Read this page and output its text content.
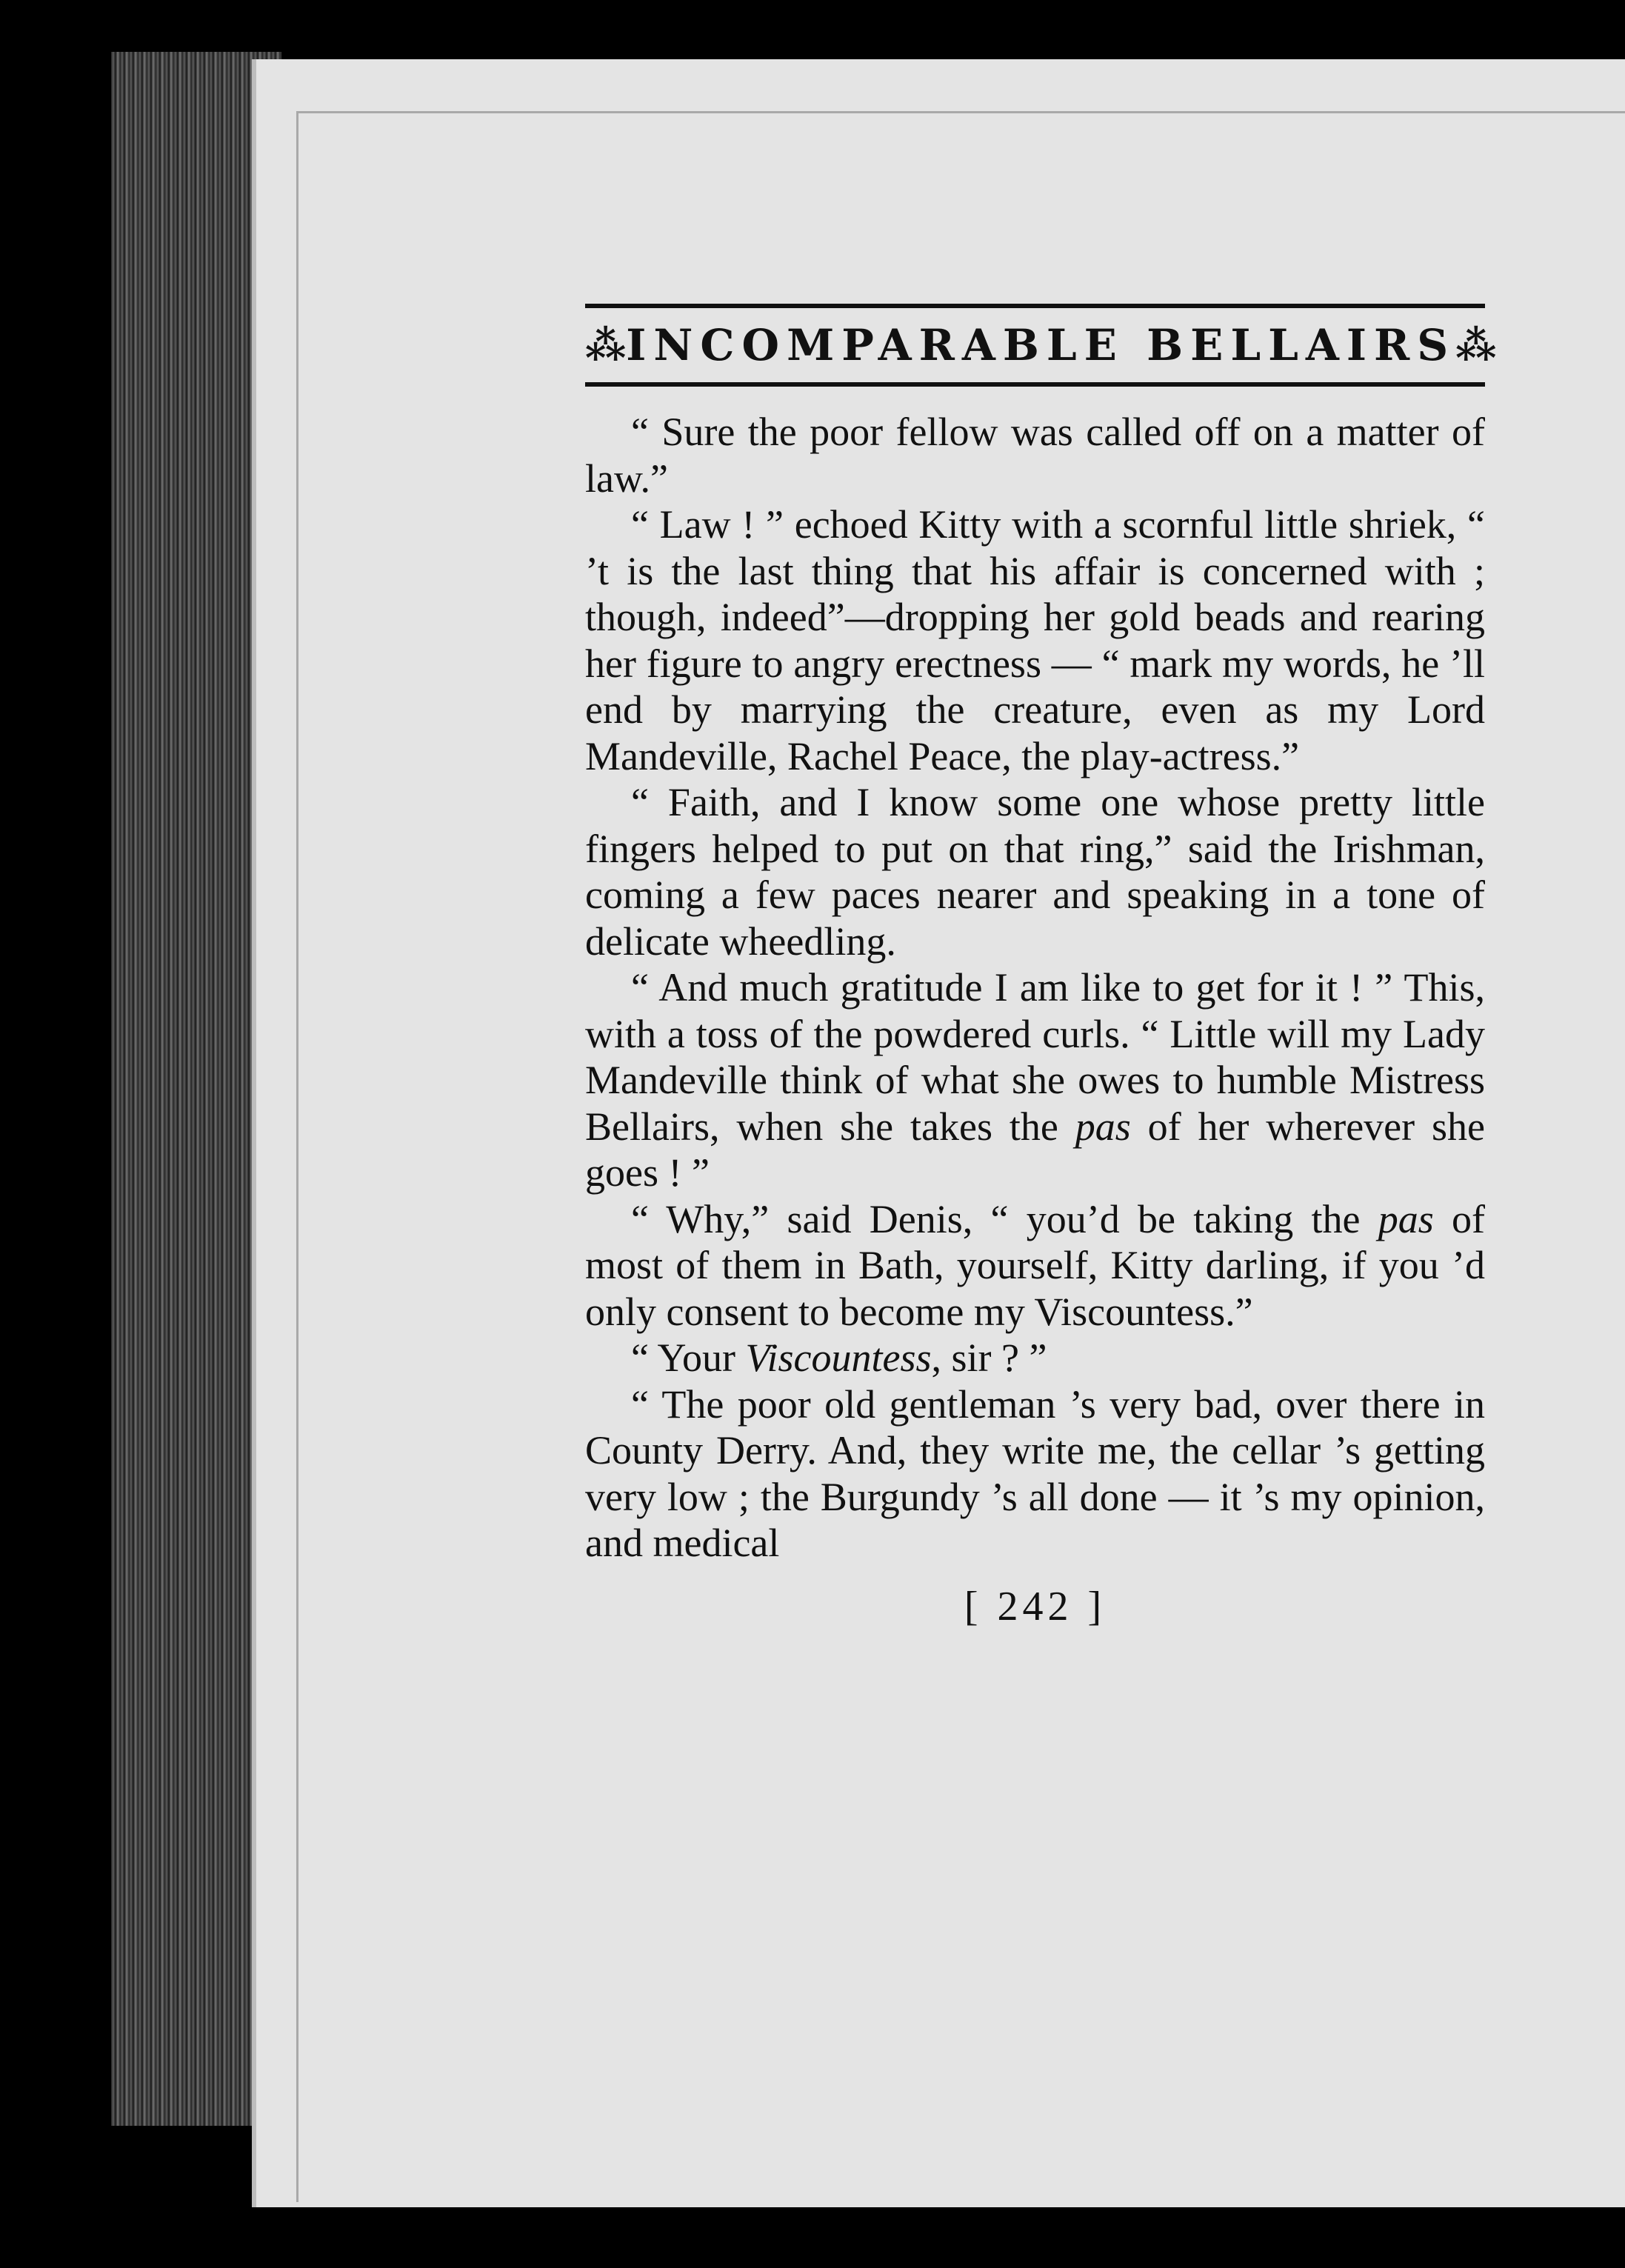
⁂ INCOMPARABLE BELLAIRS ⁂

“ Sure the poor fellow was called off on a matter of law.”

“ Law ! ” echoed Kitty with a scornful little shriek, “ ’t is the last thing that his affair is concerned with ; though, indeed”—dropping her gold beads and rearing her figure to angry erectness — “ mark my words, he ’ll end by marrying the creature, even as my Lord Mandeville, Rachel Peace, the play-actress.”

“ Faith, and I know some one whose pretty little fingers helped to put on that ring,” said the Irishman, coming a few paces nearer and speaking in a tone of delicate wheedling.

“ And much gratitude I am like to get for it ! ” This, with a toss of the powdered curls. “ Little will my Lady Mandeville think of what she owes to humble Mistress Bellairs, when she takes the pas of her wherever she goes ! ”

“ Why,” said Denis, “ you’d be taking the pas of most of them in Bath, yourself, Kitty darling, if you ’d only consent to become my Viscountess.”

“ Your Viscountess, sir ? ”

“ The poor old gentleman ’s very bad, over there in County Derry. And, they write me, the cellar ’s getting very low ; the Burgundy ’s all done — it ’s my opinion, and medical

[ 242 ]
